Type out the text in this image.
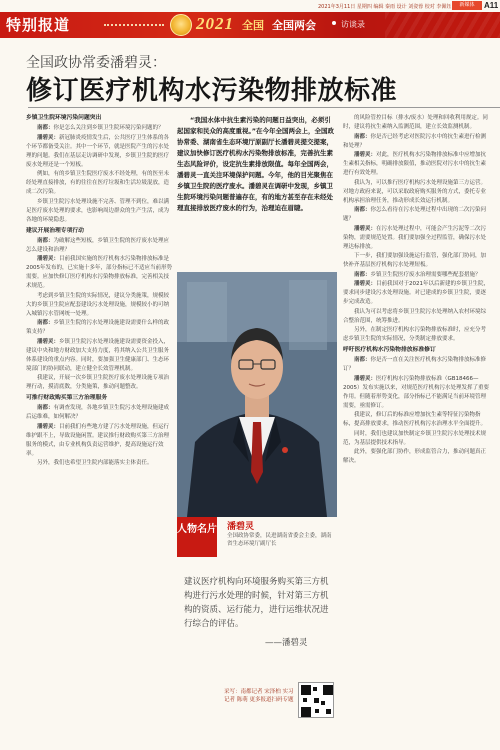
2021年3月11日 星期四 编辑 秦雨 设计 刘姿蓉 校对 李佩钰	新媒体	A11
特别报道	2021 全国 全国两会	访谈录
全国政协常委潘碧灵：
修订医疗机构水污染物排放标准

乡镇卫生院环境污染问题突出

南都：你是怎么关注到乡镇卫生院环境污染问题的？

潘碧灵：新冠肺炎疫情发生后，公共医疗卫生体系的各个环节都备受关注。其中一个环节，就是医院产生的污水处理的问题。我们在基层走访调研中发现，乡镇卫生院的医疗废水处理还是一个短板。

例如，有的乡镇卫生院医疗废水不经处理，有的医至未经处理直接排放，有的往往在医疗垃圾和生活垃圾混放，造成二次污染。

乡镇卫生院污水处理设施不完善、管理不到位，难以满足医疗废水处理的要求，也影响周边群众的生产生活，成为各地的环境隐患。

建议开展治理专项行动

南都：为破解这些短板，乡镇卫生院的医疗废水处理应怎么建设和治理？

潘碧灵：目前我国实施的医疗机构水污染物排放标准是2005年发布的，已实施十多年，部分指标已不适应当前形势需要。应加快修订医疗机构水污染物排放标准，完善相关技术规范。

考虑到乡镇卫生院的实际情况，建议分类施策，规模较大的乡镇卫生院应配套建设污水处理设施，规模较小的可纳入城镇污水管网统一处理。

南都：乡镇卫生院的污水处理设施建设需要什么样的政策支持？

潘碧灵：乡镇卫生院污水处理设施建设需要资金投入，建议中央和地方财政加大支持力度，将其纳入公共卫生服务体系建设的重点内容。同时，要加强卫生健康部门、生态环境部门的协同联动，建立健全长效管理机制。

我建议，开展一次乡镇卫生院医疗废水处理设施专项治理行动，摸清底数，分类施策，推动问题整改。

可推行财政购买第三方治理服务

南都：有调查发现，各地乡镇卫生院污水处理设施建成后运维难，如何解决？

潘碧灵：目前我们有些地方建了污水处理设施，但运行维护跟不上，导致设施闲置。建议推行财政购买第三方治理服务的模式，由专业机构负责运营维护，提高设施运行效率。

另外，我们也希望卫生院内部能落实主体责任。

“我国水体中抗生素污染的问题日益突出，必须引起国家和民众的高度重视。”在今年全国两会上，全国政协常委、湖南省生态环境厅原副厅长潘碧灵提交提案，建议加快修订医疗机构水污染物排放标准，完善抗生素生态风险评价，设定抗生素排放限值。每年全国两会，潘碧灵一直关注环境保护问题。今年，他的目光聚焦在乡镇卫生院的医疗废水。潘碧灵在调研中发现，乡镇卫生院环境污染问题普遍存在，有的地方甚至存在未经处理直接排放医疗废水的行为，治理迫在眉睫。

人物名片 潘碧灵
全国政协常委，民进湖南省委会主委，湖南省生态环境厅副厅长
建议医疗机构向环境服务购买第三方机构进行污水处理的时候，针对第三方机构的资质、运行能力，进行运维状况进行综合的评估。
——潘碧灵
采写：南都记者 宋泽柏 实习记者 陈萌 更多报道扫码专题

的风险管控目标（排水/废水）处理和回收利用规定。同时，建议将抗生素纳入监测范围，建立长效监测机制。

南都：你是否已经考虑对医院污水中的抗生素进行检测和处理？

潘碧灵：对此，医疗机构水污染物排放标准中应增加抗生素相关指标，明确排放限值，推动医院对污水中的抗生素进行有效处理。

我认为，可以推行医疗机构污水处理设施第三方运营。对地方政府来说，可以采取政府购买服务的方式，委托专业机构承担治理任务，推动形成长效运行机制。

南都：你怎么看待在污水处理过程中出现的二次污染问题？

潘碧灵：在污水处理过程中，可能会产生污泥等二次污染物，需要规范处置。我们要加强全过程监管，确保污水处理达标排放。

下一步，我们要加强设施运行监管，强化部门协同，加快补齐基层医疗机构污水处理短板。

南都：乡镇卫生院医疗废水治理需要哪些配套措施？

潘碧灵：目前我国对于2021年以后新建的乡镇卫生院，要求同步建设污水处理设施。对已建成的乡镇卫生院，要逐步完成改造。

我认为可以考虑将乡镇卫生院污水处理纳入农村环境综合整治范围，统筹推进。

另外，在制定医疗机构水污染物排放标准时，应充分考虑乡镇卫生院的实际情况，分类制定排放要求。

呼吁医疗机构水污染物排放标准修订

南都：你是否一直在关注医疗机构水污染物排放标准修订？

潘碧灵：医疗机构水污染物排放标准（GB18466—2005）发布实施以来，对规范医疗机构污水处理发挥了重要作用。但随着形势变化，部分指标已不能满足当前环境管理需要，亟需修订。

我建议，修订后的标准应增加抗生素等特征污染物指标，提高排放要求，推动医疗机构污水治理水平全面提升。

同时，我们也建议加快制定乡镇卫生院污水处理技术规范，为基层提供技术指导。

此外，要强化部门协作，形成监管合力，推动问题真正解决。
